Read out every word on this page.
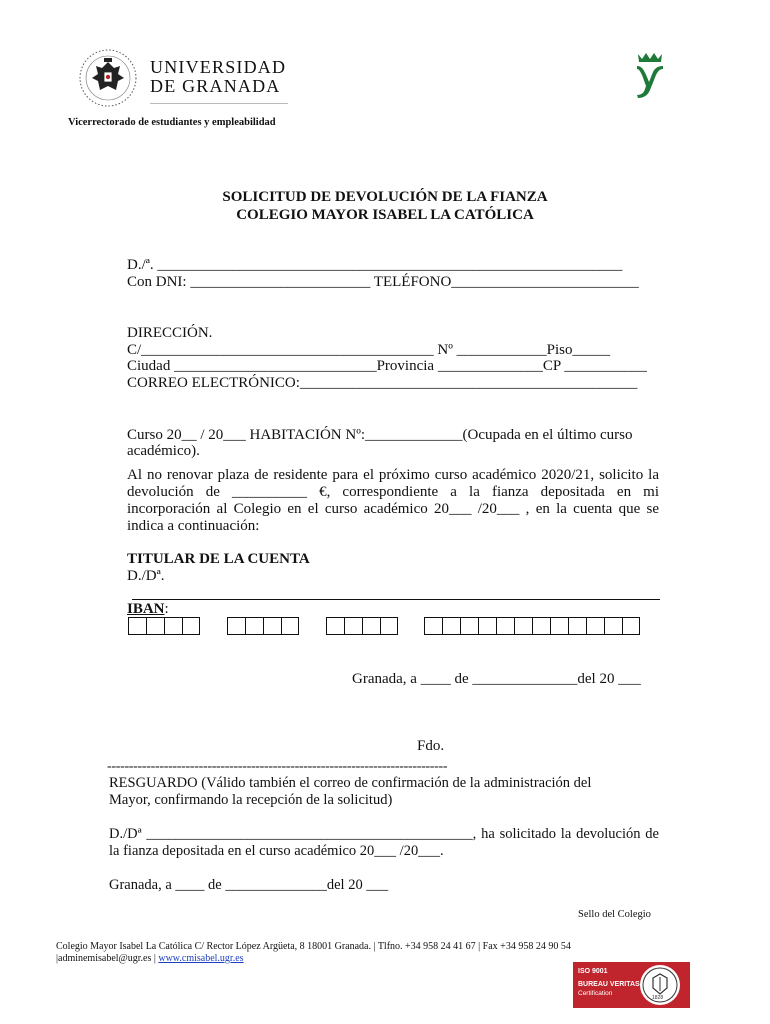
UNIVERSIDAD
DE GRANADA
Vicerrectorado de estudiantes y empleabilidad
SOLICITUD DE DEVOLUCIÓN DE LA FIANZA
COLEGIO MAYOR ISABEL LA CATÓLICA
D./ª. ______________________________________________________________
Con DNI: ________________________ TELÉFONO_________________________
DIRECCIÓN.
C/_______________________________________ Nº ____________Piso_____
Ciudad ___________________________Provincia ______________CP ___________
CORREO ELECTRÓNICO:_____________________________________________
Curso 20__ / 20___ HABITACIÓN Nº:_____________(Ocupada en el último curso
académico).
Al no renovar plaza de residente para el próximo curso académico 2020/21, solicito la devolución de __________ €, correspondiente a la fianza depositada en mi incorporación al Colegio en el curso académico 20___ /20___ , en la cuenta que se indica a continuación:
TITULAR DE LA CUENTA
D./Dª.
IBAN:
Granada, a ____ de ______________del 20 ___
Fdo.
------------------------------------------------------------------------------
RESGUARDO (Válido también el correo de confirmación de la administración del Mayor, confirmando la recepción de la solicitud)
D./Dª _____________________________________________, ha solicitado la devolución de la fianza depositada en el curso académico 20___ /20___.
Granada, a ____ de ______________del 20 ___
Sello del Colegio
Colegio Mayor Isabel La Católica C/ Rector López Argüeta, 8 18001 Granada. | Tlfno. +34 958 24 41 67 | Fax +34 958 24 90 54
|adminemisabel@ugr.es | www.cmisabel.ugr.es
ISO 9001
BUREAU VERITAS
Certification
1828
